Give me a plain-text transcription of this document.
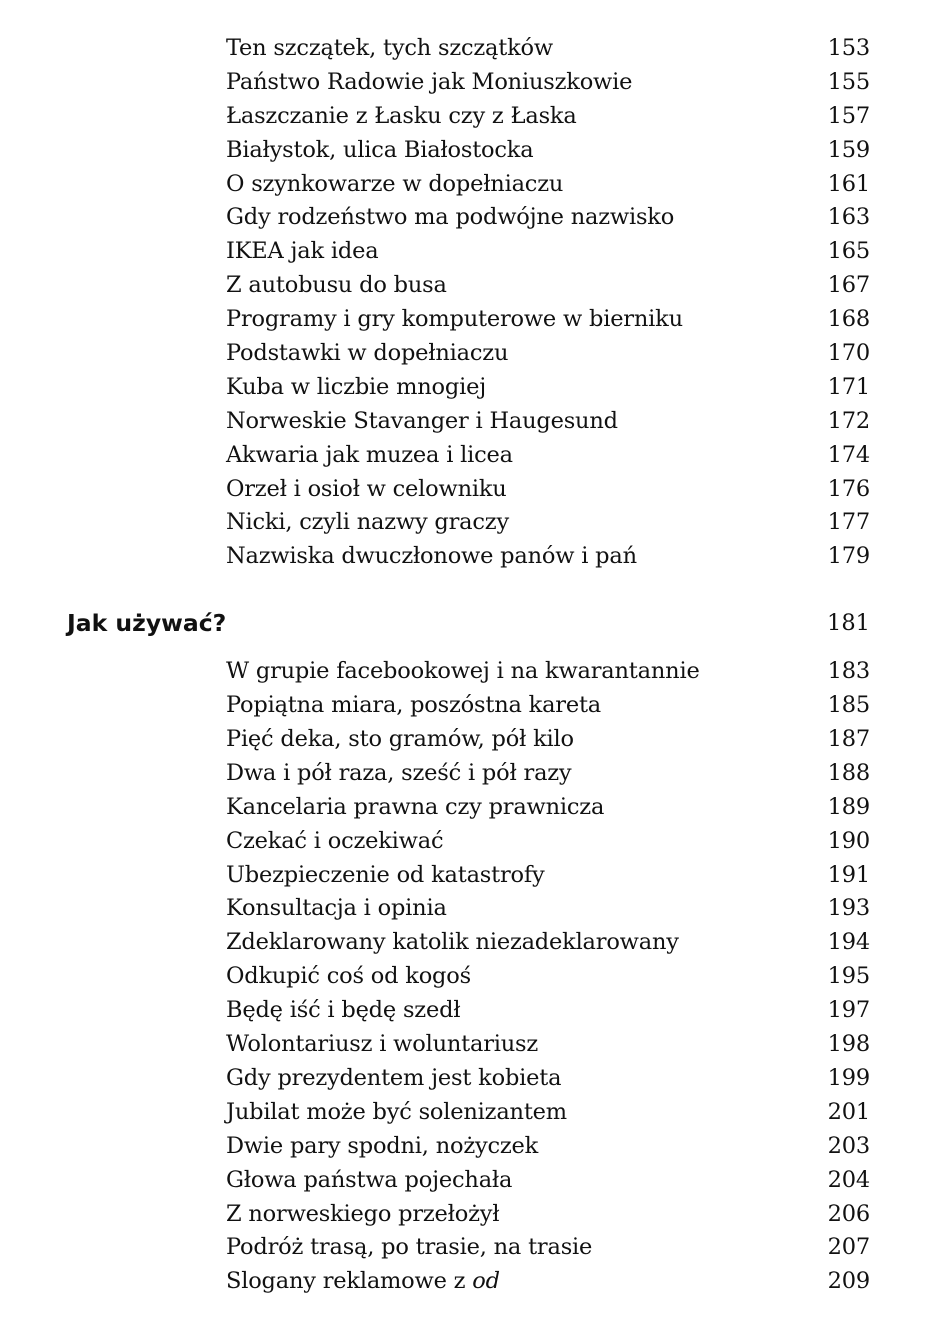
Ten szczątek, tych szczątków	153
Państwo Radowie jak Moniuszkowie	155
Łaszczanie z Łasku czy z Łaska	157
Białystok, ulica Białostocka	159
O szynkowarze w dopełniaczu	161
Gdy rodzeństwo ma podwójne nazwisko	163
IKEA jak idea	165
Z autobusu do busa	167
Programy i gry komputerowe w bierniku	168
Podstawki w dopełniaczu	170
Kuba w liczbie mnogiej	171
Norweskie Stavanger i Haugesund	172
Akwaria jak muzea i licea	174
Orzeł i osioł w celowniku	176
Nicki, czyli nazwy graczy	177
Nazwiska dwuczłonowe panów i pań	179
Jak używać?	181
W grupie facebookowej i na kwarantannie	183
Popiątna miara, poszóstna kareta	185
Pięć deka, sto gramów, pół kilo	187
Dwa i pół raza, sześć i pół razy	188
Kancelaria prawna czy prawnicza	189
Czekać i oczekiwać	190
Ubezpieczenie od katastrofy	191
Konsultacja i opinia	193
Zdeklarowany katolik niezadeklarowany	194
Odkupić coś od kogoś	195
Będę iść i będę szedł	197
Wolontariusz i woluntariusz	198
Gdy prezydentem jest kobieta	199
Jubilat może być solenizantem	201
Dwie pary spodni, nożyczek	203
Głowa państwa pojechała	204
Z norweskiego przełożył	206
Podróż trasą, po trasie, na trasie	207
Slogany reklamowe z od	209
